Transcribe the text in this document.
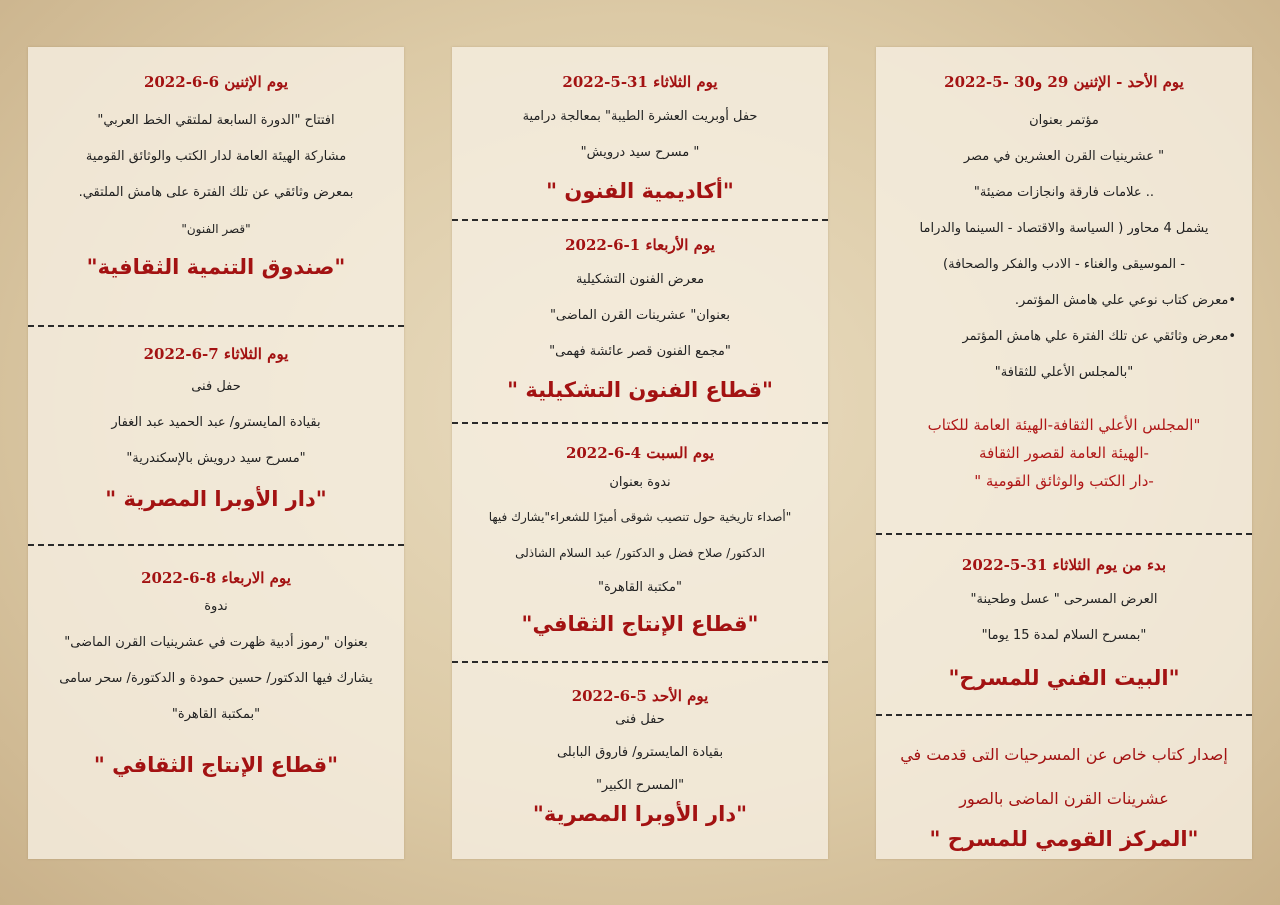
يوم الأحد - الإثنين 29 و30 -5-2022
مؤتمر بعنوان
" عشرينيات القرن العشرين في مصر
.. علامات فارقة وانجازات مضيئة"
يشمل 4 محاور ( السياسة والاقتصاد - السينما والدراما
- الموسيقى والغناء - الادب والفكر والصحافة)
•معرض كتاب نوعي علي هامش المؤتمر.
•معرض وثائقي عن تلك الفترة علي هامش المؤتمر
"بالمجلس الأعلي للثقافة"
"المجلس الأعلي الثقافة-الهيئة العامة للكتاب
-الهيئة العامة لقصور الثقافة
-دار الكتب والوثائق القومية "
بدء من يوم الثلاثاء 31-5-2022
العرض المسرحى " عسل وطحينة"
"بمسرح السلام لمدة 15 يوما"
"البيت الفني للمسرح"
إصدار كتاب خاص عن المسرحيات التى قدمت في
عشرينات القرن الماضى بالصور
"المركز القومي للمسرح "
يوم الثلاثاء 31-5-2022
حفل أوبريت العشرة الطيبة" بمعالجة درامية
" مسرح سيد درويش"
"أكاديمية الفنون "
يوم الأربعاء 1-6-2022
معرض الفنون التشكيلية
بعنوان" عشرينات القرن الماضى"
"مجمع الفنون قصر عائشة فهمى"
"قطاع الفنون التشكيلية "
يوم السبت 4-6-2022
ندوة بعنوان
"أصداء تاريخية حول تنصيب شوقى أميرًا للشعراء"يشارك فيها
الدكتور/ صلاح فضل و الدكتور/ عبد السلام الشاذلى
"مكتبة القاهرة"
"قطاع الإنتاج الثقافي"
يوم الأحد 5-6-2022
حفل فنى
بقيادة المايسترو/ فاروق البابلى
"المسرح الكبير"
"دار الأوبرا المصرية"
يوم الإثنين 6-6-2022
افتتاح "الدورة السابعة لملتقي الخط العربي"
مشاركة الهيئة العامة لدار الكتب والوثائق القومية
بمعرض وثائقي عن تلك الفترة على هامش الملتقي.
"قصر الفنون"
"صندوق التنمية الثقافية"
يوم الثلاثاء 7-6-2022
حفل فنى
بقيادة المايسترو/ عبد الحميد عبد الغفار
"مسرح سيد درويش بالإسكندرية"
"دار الأوبرا المصرية "
يوم الاربعاء 8-6-2022
ندوة
بعنوان "رموز أدبية ظهرت في عشرينيات القرن الماضى"
يشارك فيها الدكتور/ حسين حمودة و الدكتورة/ سحر سامى
"بمكتبة القاهرة"
"قطاع الإنتاج الثقافي "
